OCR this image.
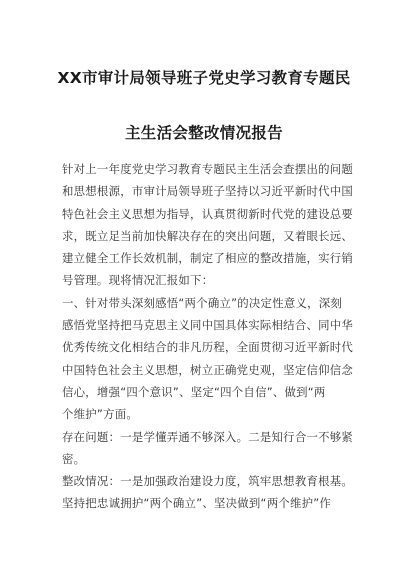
XX市审计局领导班子党史学习教育专题民
主生活会整改情况报告
针对上一年度党史学习教育专题民主生活会查摆出的问题
和思想根源，市审计局领导班子坚持以习近平新时代中国
特色社会主义思想为指导，认真贯彻新时代党的建设总要
求，既立足当前加快解决存在的突出问题，又着眼长远、
建立健全工作长效机制，制定了相应的整改措施，实行销
号管理。现将情况汇报如下：
一、针对带头深刻感悟“两个确立”的决定性意义，深刻
感悟党坚持把马克思主义同中国具体实际相结合、同中华
优秀传统文化相结合的非凡历程，全面贯彻习近平新时代
中国特色社会主义思想，树立正确党史观，坚定信仰信念
信心，增强“四个意识”、坚定“四个自信”、做到“两
个维护”方面。
存在问题：一是学懂弄通不够深入。二是知行合一不够紧
密。
整改情况：一是加强政治建设力度，筑牢思想教育根基。
坚持把忠诚拥护“两个确立”、坚决做到“两个维护”作
